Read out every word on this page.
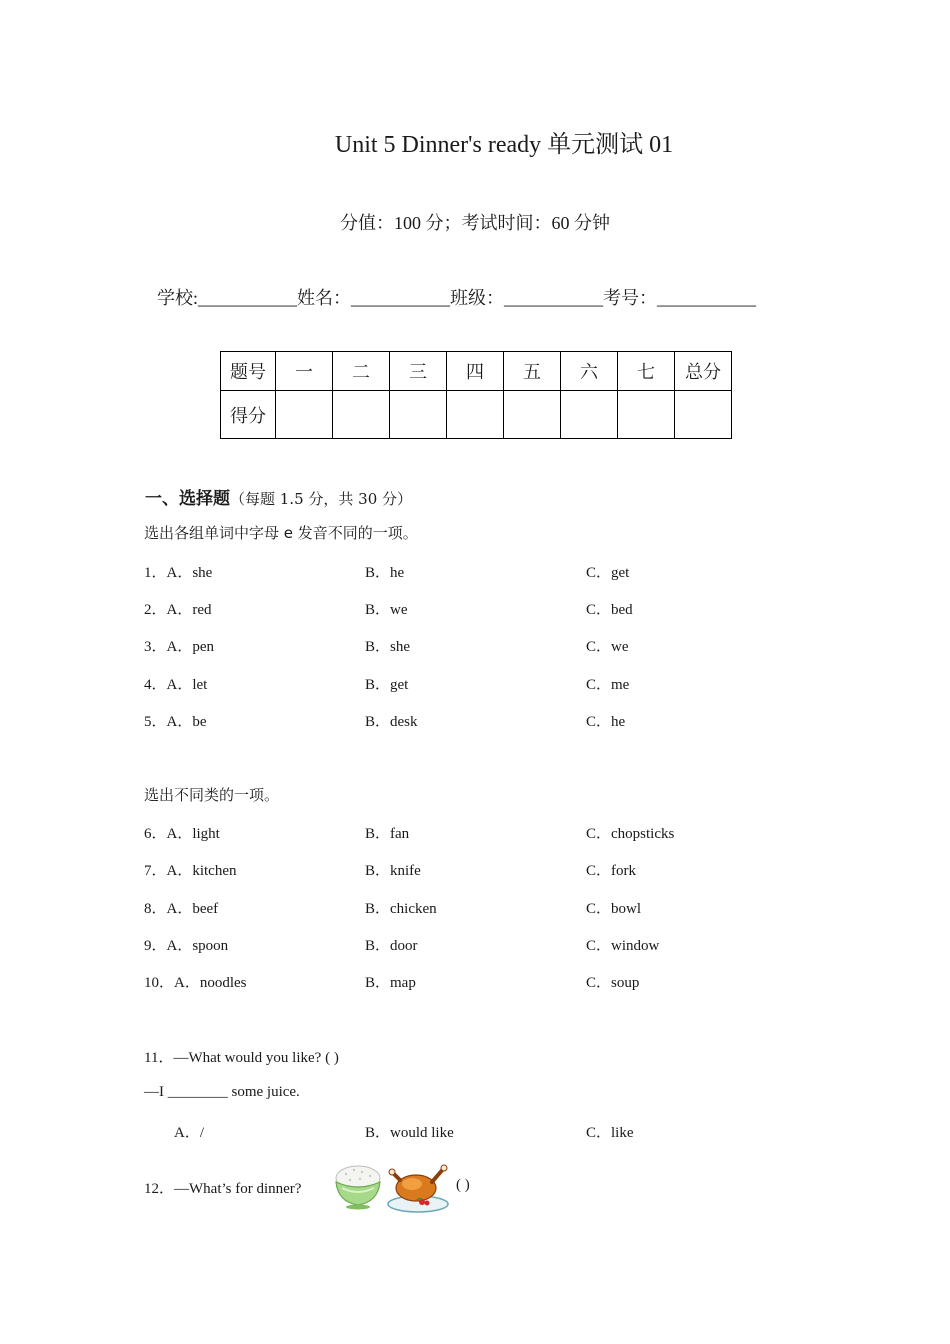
Unit 5 Dinner's ready 单元测试 01
分值：100 分；考试时间：60 分钟
学校:___________姓名：___________班级：___________考号：___________
题号	一	二	三	四	五	六	七	总分
得分								
一、选择题（每题 1.5 分，共 30 分）
选出各组单词中字母 e 发音不同的一项。
1．A．she	B．he	C．get
2．A．red	B．we	C．bed
3．A．pen	B．she	C．we
4．A．let	B．get	C．me
5．A．be	B．desk	C．he
选出不同类的一项。
6．A．light	B．fan	C．chopsticks
7．A．kitchen	B．knife	C．fork
8．A．beef	B．chicken	C．bowl
9．A．spoon	B．door	C．window
10．A．noodles	B．map	C．soup
11．—What would you like? ( )
—I ________ some juice.
A．/	B．would like	C．like
12．—What’s for dinner?	( )
